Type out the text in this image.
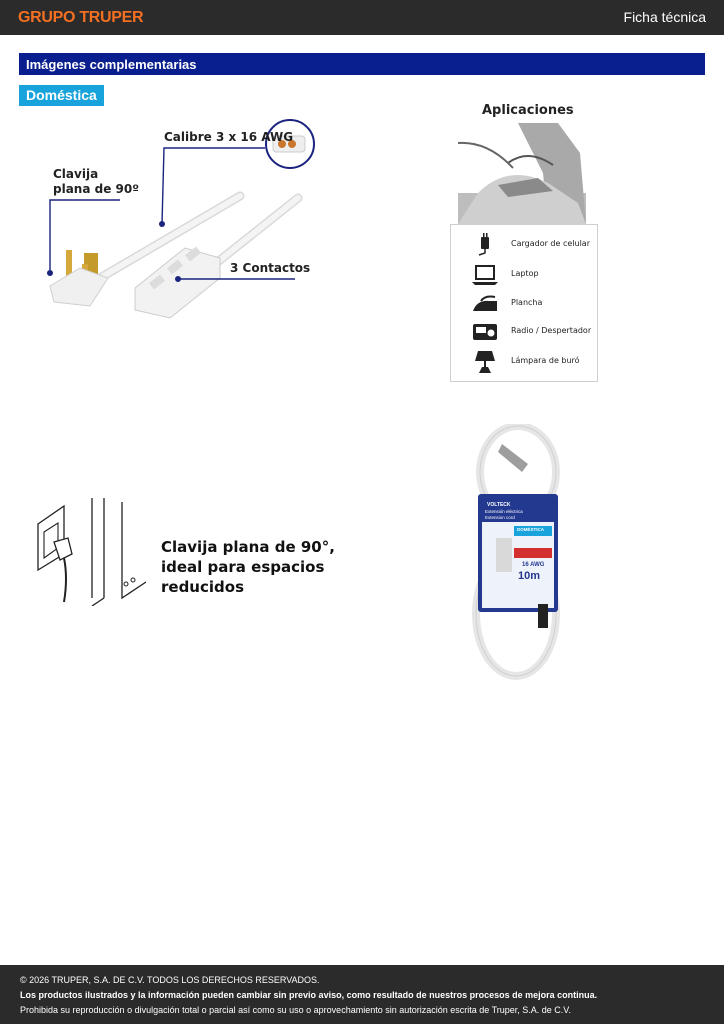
GRUPO TRUPER	Ficha técnica
Imágenes complementarias
Doméstica
Clavija
plana de 90º
Calibre 3 x 16 AWG
3 Contactos
Aplicaciones
Cargador de celular
Laptop
Plancha
Radio / Despertador
Lámpara de buró
VOLTECK
Extensión eléctrica
Extension cord
DOMÉSTICA
16 AWG
10m
Clavija plana de 90°,
ideal para espacios
reducidos
© 2026 TRUPER, S.A. DE C.V. TODOS LOS DERECHOS RESERVADOS.
Los productos ilustrados y la información pueden cambiar sin previo aviso, como resultado de nuestros procesos de mejora continua.
Prohibida su reproducción o divulgación total o parcial así como su uso o aprovechamiento sin autorización escrita de Truper, S.A. de C.V.
